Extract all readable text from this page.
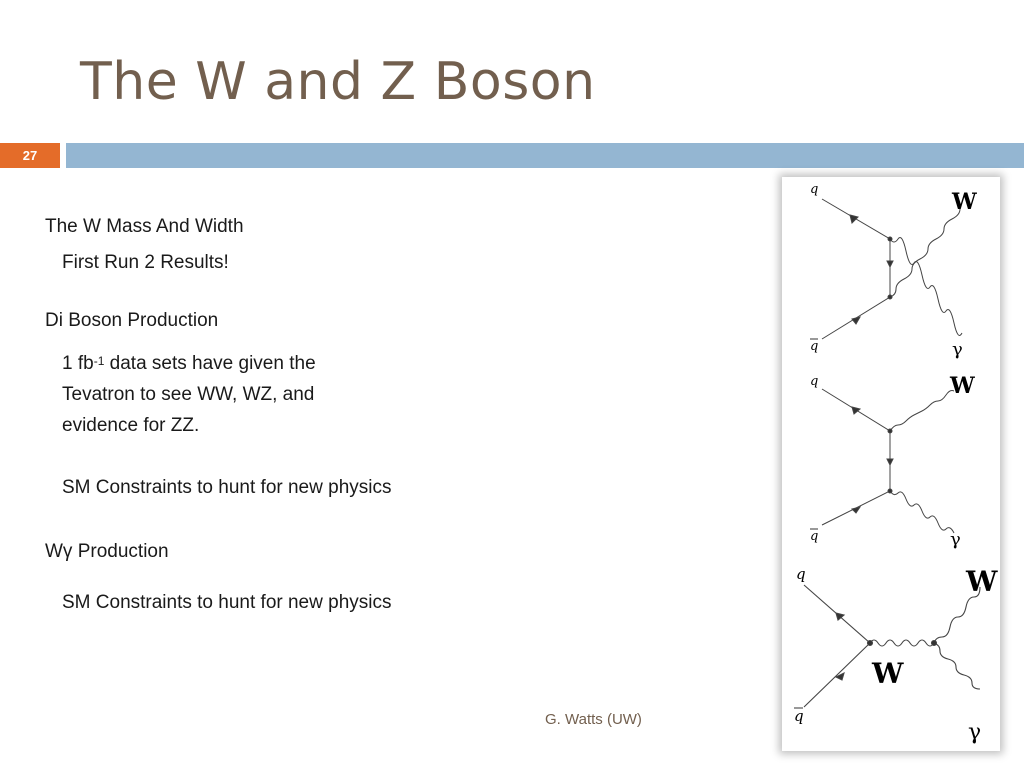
The W and Z Boson
27
The W Mass And Width
First Run 2 Results!
Di Boson Production
1 $fb^{-1}$ data sets have given the
Tevatron to see WW, WZ, and
evidence for ZZ.
SM Constraints to hunt for new physics
Wγ Production
SM Constraints to hunt for new physics
G. Watts (UW)
q
q
W
γ
q
q
W
γ
q
q
W
W
γ
